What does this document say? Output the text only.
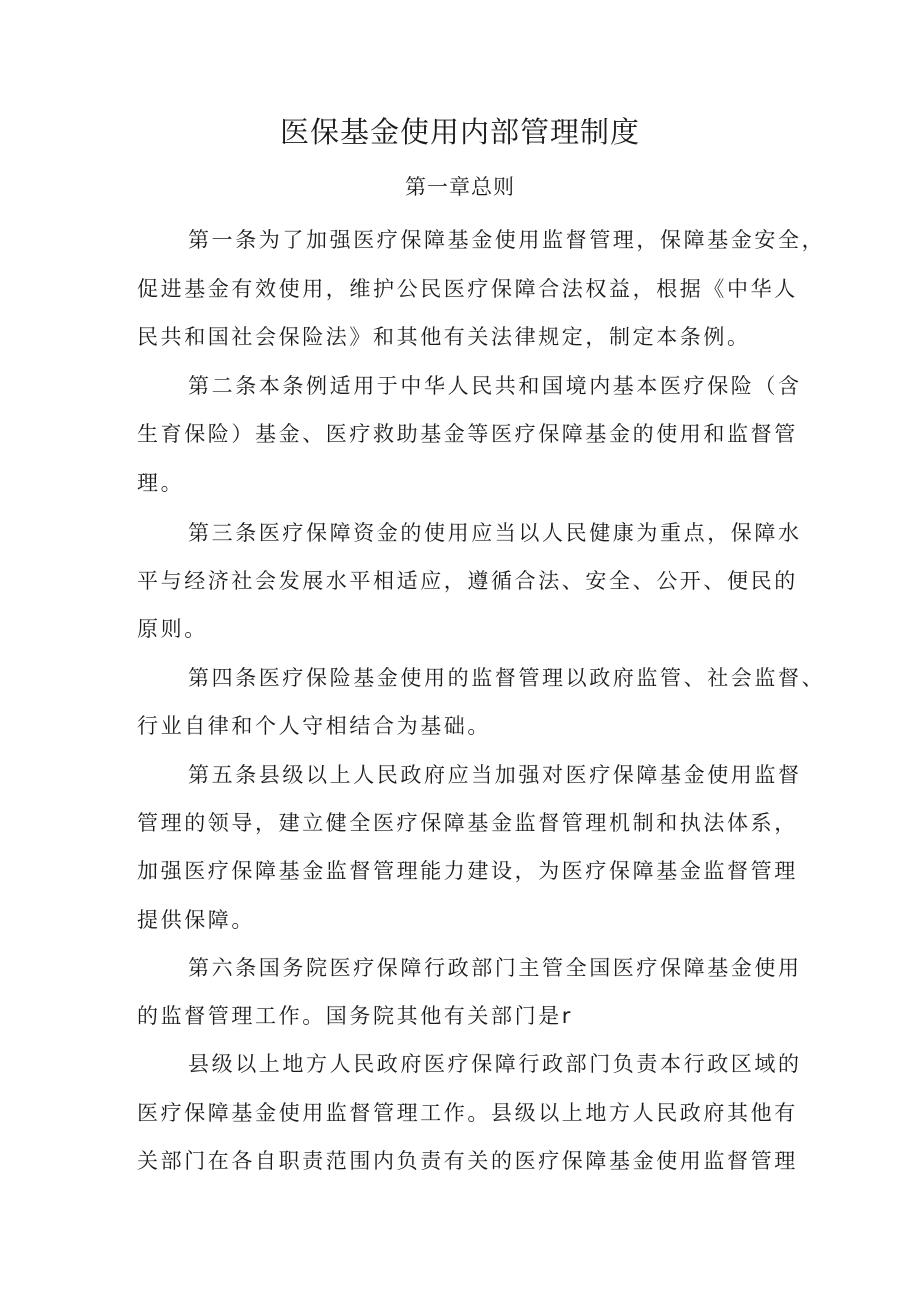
医保基金使用内部管理制度
第一章总则
第一条为了加强医疗保障基金使用监督管理，保障基金安全，
促进基金有效使用，维护公民医疗保障合法权益，根据《中华人
民共和国社会保险法》和其他有关法律规定，制定本条例。
第二条本条例适用于中华人民共和国境内基本医疗保险（含
生育保险）基金、医疗救助基金等医疗保障基金的使用和监督管
理。
第三条医疗保障资金的使用应当以人民健康为重点，保障水
平与经济社会发展水平相适应，遵循合法、安全、公开、便民的
原则。
第四条医疗保险基金使用的监督管理以政府监管、社会监督、
行业自律和个人守相结合为基础。
第五条县级以上人民政府应当加强对医疗保障基金使用监督
管理的领导，建立健全医疗保障基金监督管理机制和执法体系，
加强医疗保障基金监督管理能力建设，为医疗保障基金监督管理
提供保障。
第六条国务院医疗保障行政部门主管全国医疗保障基金使用
的监督管理工作。国务院其他有关部门是r
县级以上地方人民政府医疗保障行政部门负责本行政区域的
医疗保障基金使用监督管理工作。县级以上地方人民政府其他有
关部门在各自职责范围内负责有关的医疗保障基金使用监督管理
